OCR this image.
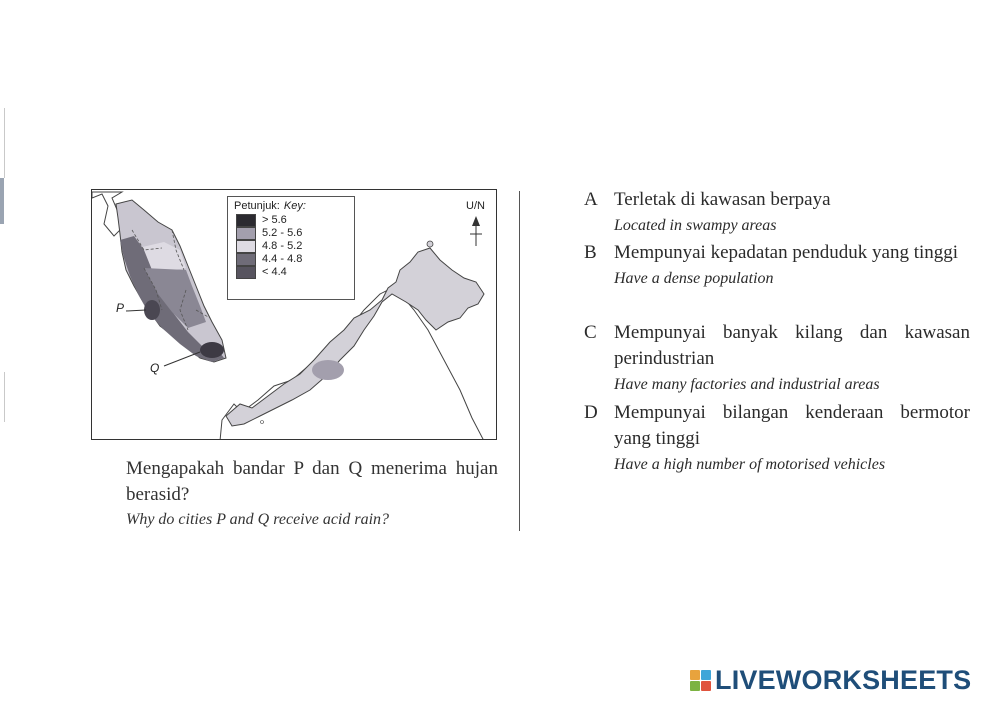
Petunjuk: Key:
> 5.6
5.2 - 5.6
4.8 - 5.2
4.4 - 4.8
< 4.4
U/N
P
Q
Mengapakah bandar P dan Q menerima hujan berasid?
Why do cities P and Q receive acid rain?
A Terletak di kawasan berpaya
Located in swampy areas
B Mempunyai kepadatan penduduk yang tinggi
Have a dense population
C Mempunyai banyak kilang dan kawasan perindustrian
Have many factories and industrial areas
D Mempunyai bilangan kenderaan bermotor yang tinggi
Have a high number of motorised vehicles
LIVEWORKSHEETS
